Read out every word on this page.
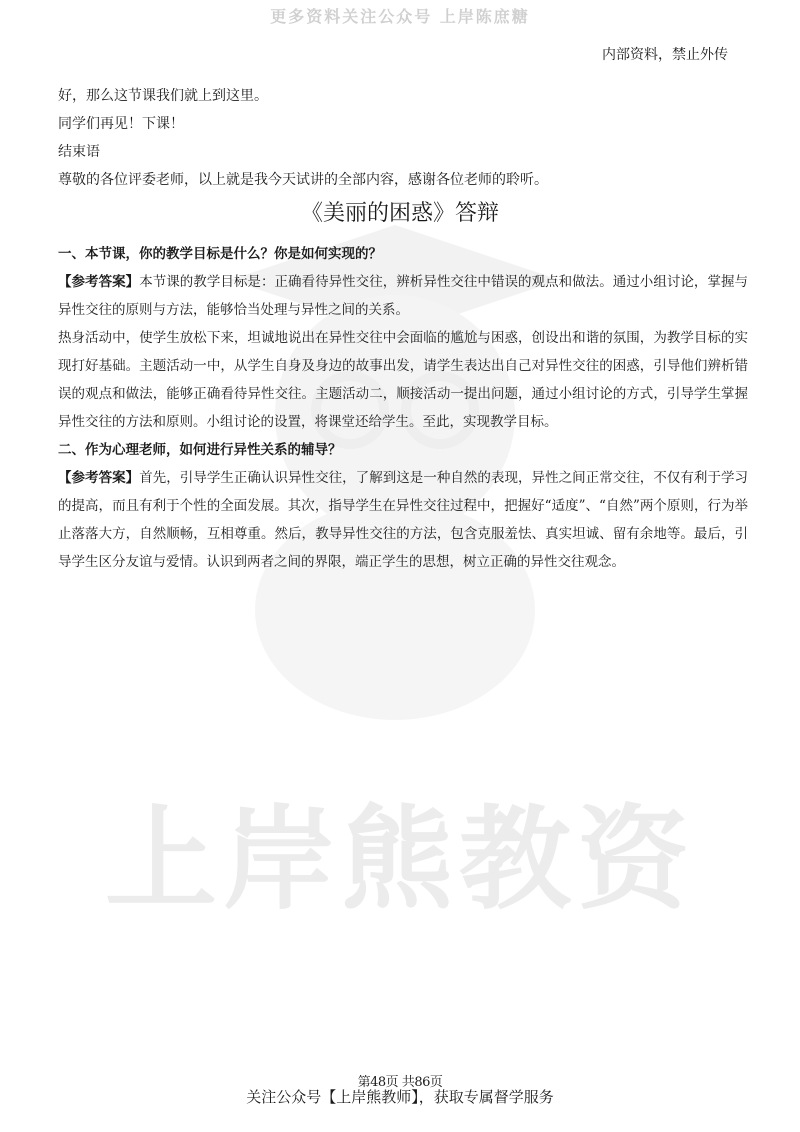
更多资料关注公众号 上岸陈庶糖
上岸熊教资
内部资料，禁止外传

好，那么这节课我们就上到这里。

同学们再见！下课！

结束语

尊敬的各位评委老师，以上就是我今天试讲的全部内容，感谢各位老师的聆听。

《美丽的困惑》答辩

一、本节课，你的教学目标是什么？你是如何实现的？

【参考答案】本节课的教学目标是：正确看待异性交往，辨析异性交往中错误的观点和做法。通过小组讨论，掌握与异性交往的原则与方法，能够恰当处理与异性之间的关系。

热身活动中，使学生放松下来，坦诚地说出在异性交往中会面临的尴尬与困惑，创设出和谐的氛围，为教学目标的实现打好基础。主题活动一中，从学生自身及身边的故事出发，请学生表达出自己对异性交往的困惑，引导他们辨析错误的观点和做法，能够正确看待异性交往。主题活动二，顺接活动一提出问题，通过小组讨论的方式，引导学生掌握异性交往的方法和原则。小组讨论的设置，将课堂还给学生。至此，实现教学目标。

二、作为心理老师，如何进行异性关系的辅导？

【参考答案】首先，引导学生正确认识异性交往，了解到这是一种自然的表现，异性之间正常交往，不仅有利于学习的提高，而且有利于个性的全面发展。其次，指导学生在异性交往过程中，把握好“适度”、“自然”两个原则，行为举止落落大方，自然顺畅，互相尊重。然后，教导异性交往的方法，包含克服羞怯、真实坦诚、留有余地等。最后，引导学生区分友谊与爱情。认识到两者之间的界限，端正学生的思想，树立正确的异性交往观念。

第48页 共86页
关注公众号【上岸熊教师】，获取专属督学服务
